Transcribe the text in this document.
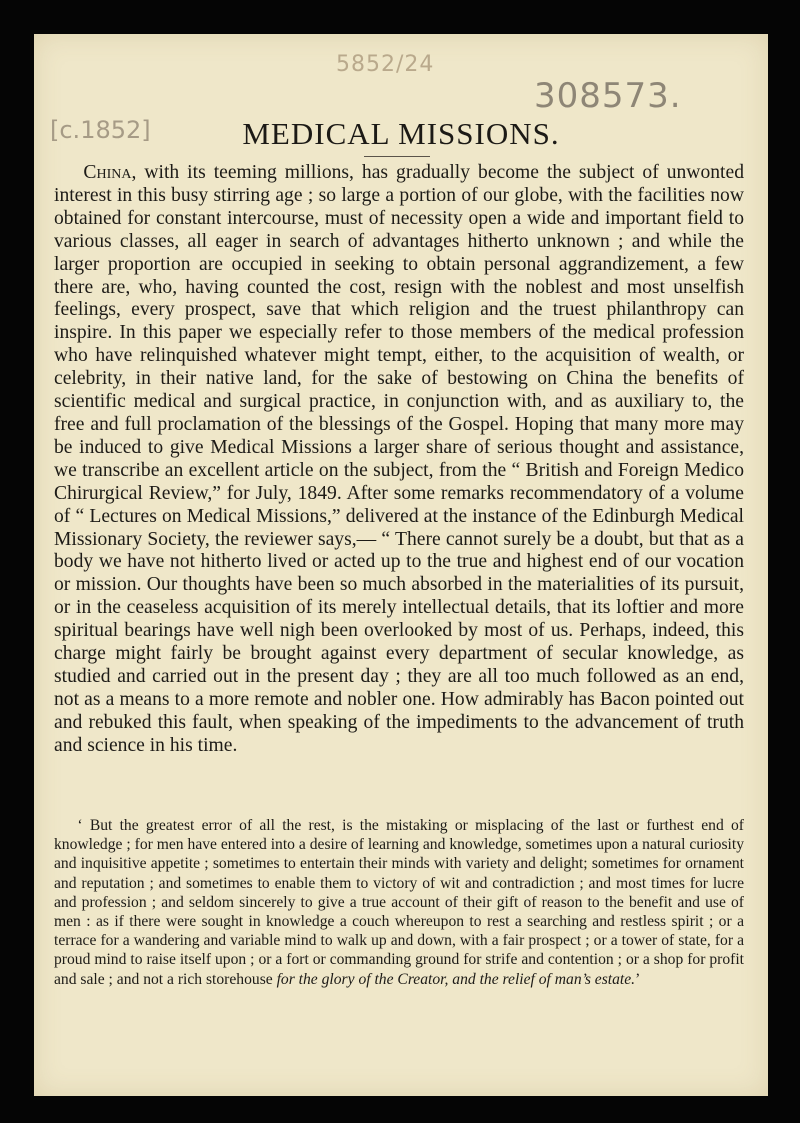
5852/24
308573.
[c.1852]	MEDICAL MISSIONS.

China, with its teeming millions, has gradually become the subject of unwonted interest in this busy stirring age ; so large a portion of our globe, with the facilities now obtained for constant intercourse, must of necessity open a wide and important field to various classes, all eager in search of advantages hitherto unknown ; and while the larger proportion are occupied in seeking to obtain personal aggrandizement, a few there are, who, having counted the cost, resign with the noblest and most unselfish feelings, every prospect, save that which religion and the truest philanthropy can inspire. In this paper we especially refer to those members of the medical profession who have relinquished whatever might tempt, either, to the acquisition of wealth, or celebrity, in their native land, for the sake of bestowing on China the benefits of scientific medical and surgical practice, in conjunction with, and as auxiliary to, the free and full proclamation of the blessings of the Gospel. Hoping that many more may be induced to give Medical Missions a larger share of serious thought and assistance, we transcribe an excellent article on the subject, from the “ British and Foreign Medico Chirurgical Review,” for July, 1849. After some remarks recommendatory of a volume of “ Lectures on Medical Missions,” delivered at the instance of the Edinburgh Medical Missionary Society, the reviewer says,— “ There cannot surely be a doubt, but that as a body we have not hitherto lived or acted up to the true and highest end of our vocation or mission. Our thoughts have been so much absorbed in the materialities of its pursuit, or in the ceaseless acquisition of its merely intellectual details, that its loftier and more spiritual bearings have well nigh been overlooked by most of us. Perhaps, indeed, this charge might fairly be brought against every department of secular knowledge, as studied and carried out in the present day ; they are all too much followed as an end, not as a means to a more remote and nobler one. How admirably has Bacon pointed out and rebuked this fault, when speaking of the impediments to the advancement of truth and science in his time.

‘ But the greatest error of all the rest, is the mistaking or misplacing of the last or furthest end of knowledge ; for men have entered into a desire of learning and knowledge, sometimes upon a natural curiosity and inquisitive appetite ; sometimes to entertain their minds with variety and delight; sometimes for ornament and reputation ; and sometimes to enable them to victory of wit and contradiction ; and most times for lucre and profession ; and seldom sincerely to give a true account of their gift of reason to the benefit and use of men : as if there were sought in knowledge a couch whereupon to rest a searching and restless spirit ; or a terrace for a wandering and variable mind to walk up and down, with a fair prospect ; or a tower of state, for a proud mind to raise itself upon ; or a fort or commanding ground for strife and contention ; or a shop for profit and sale ; and not a rich storehouse for the glory of the Creator, and the relief of man’s estate.’
